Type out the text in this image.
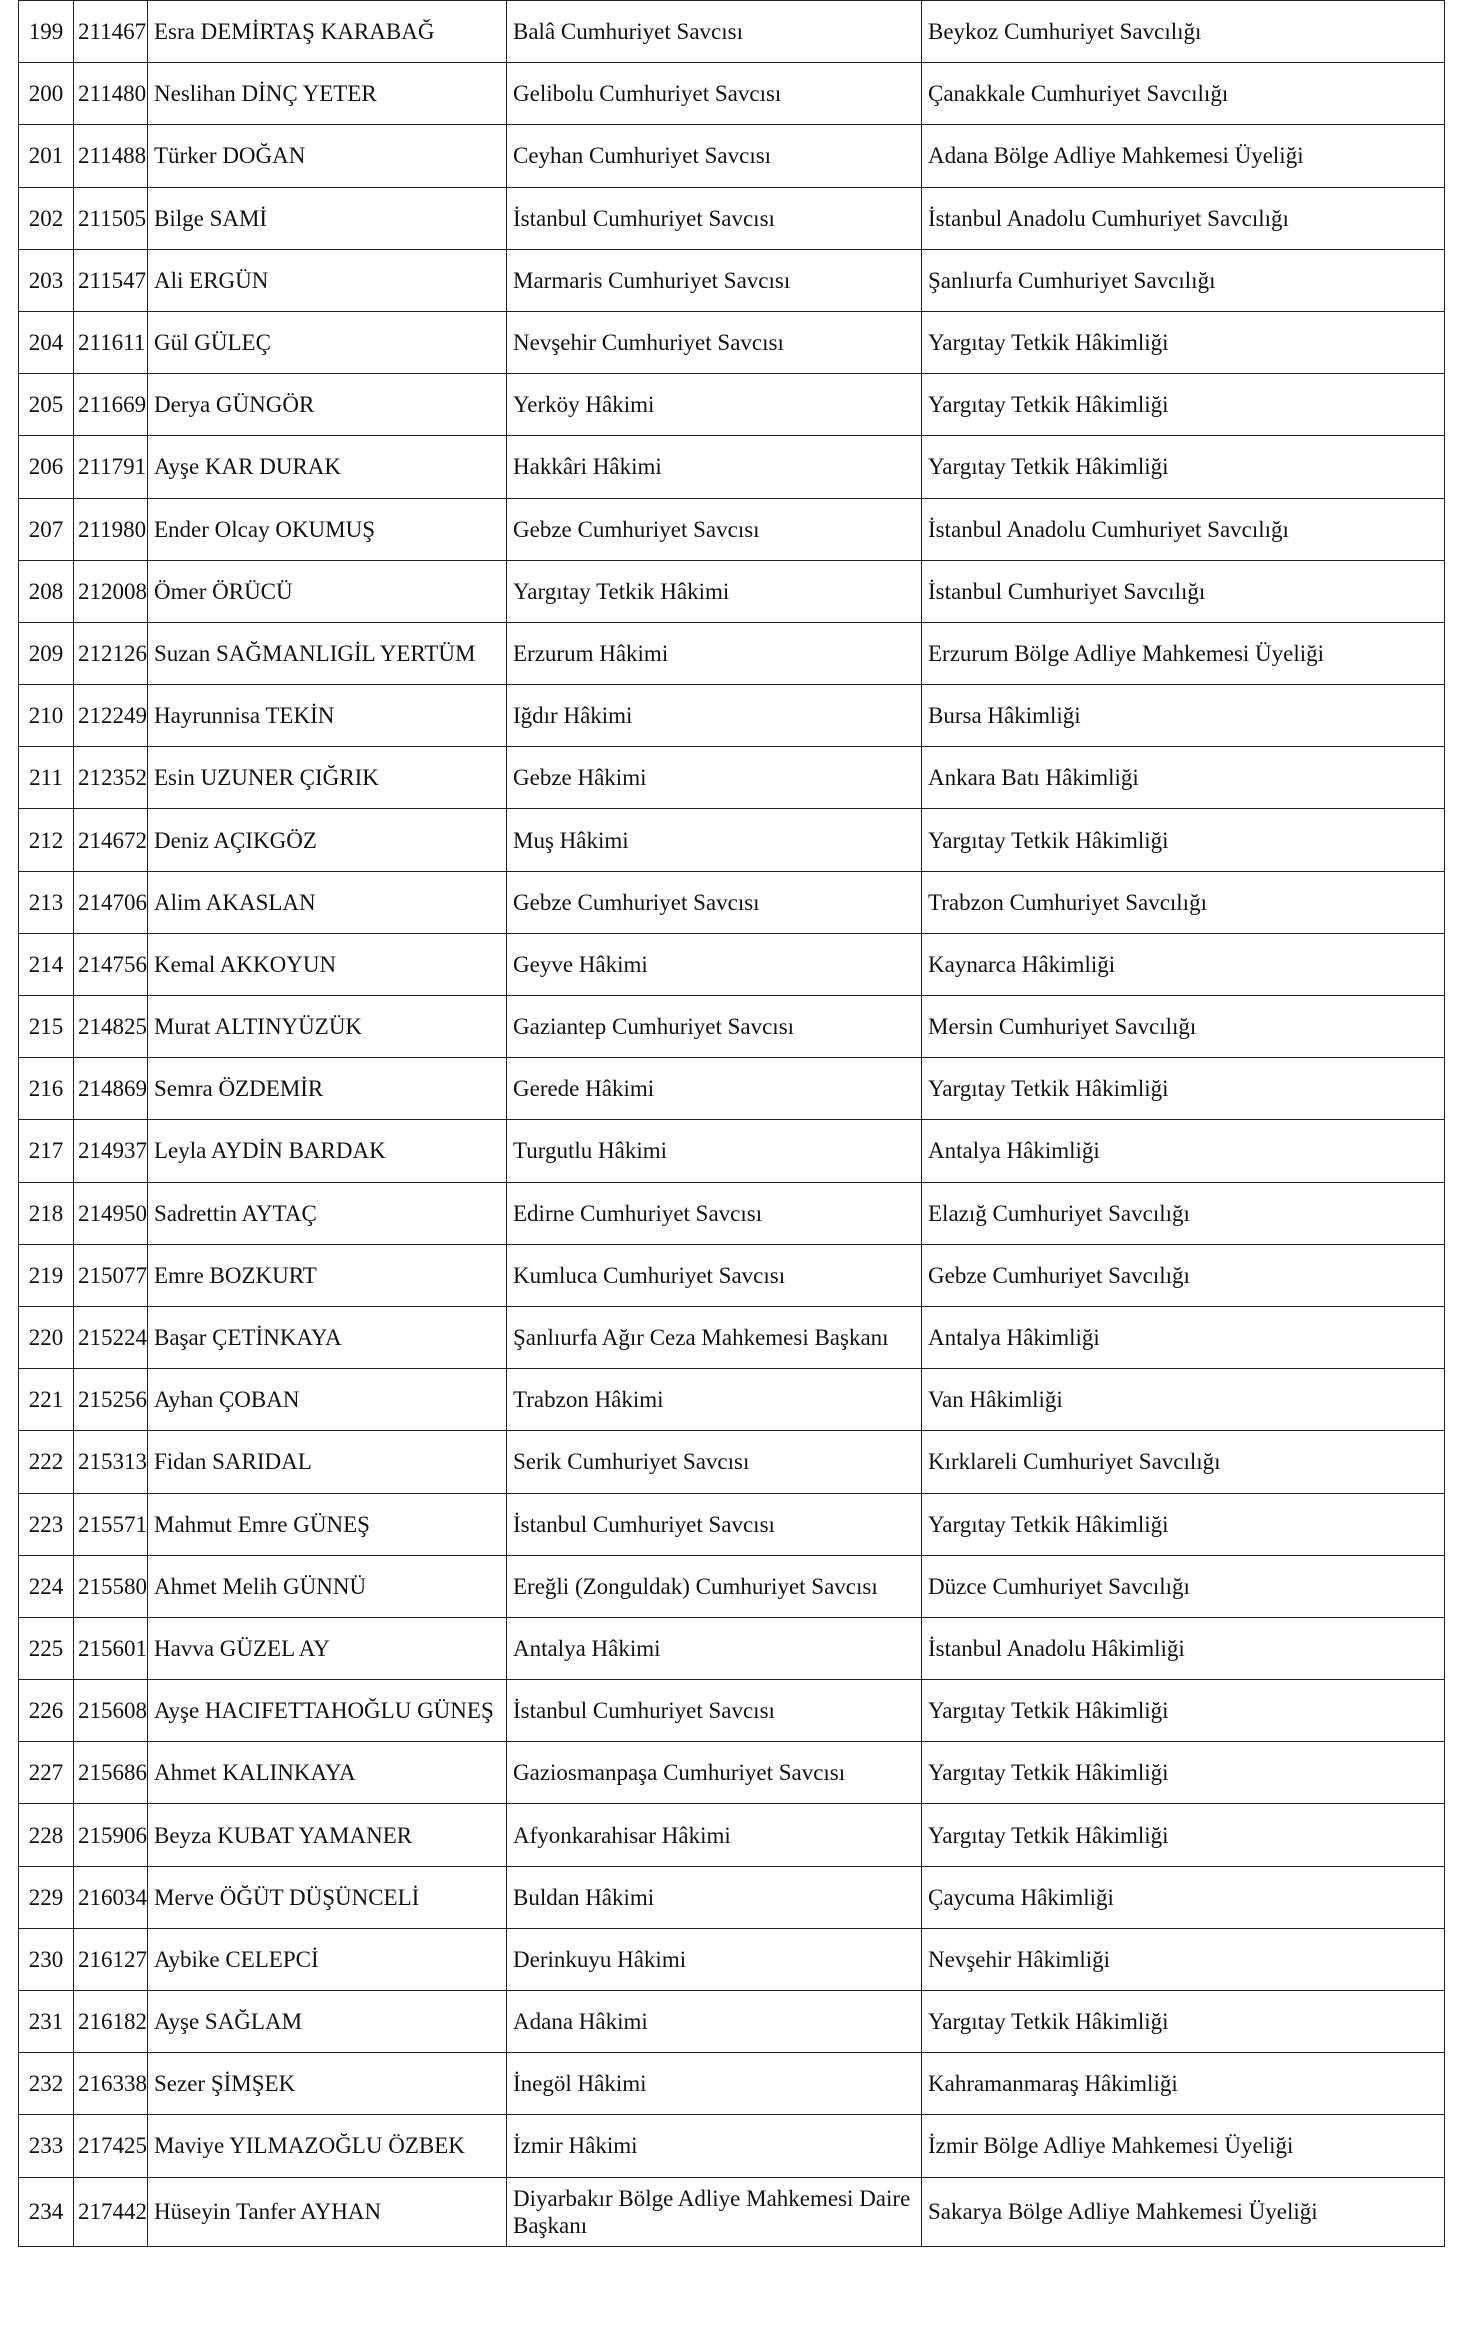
199	211467	Esra DEMİRTAŞ KARABAĞ	Balâ Cumhuriyet Savcısı	Beykoz Cumhuriyet Savcılığı
200	211480	Neslihan DİNÇ YETER	Gelibolu Cumhuriyet Savcısı	Çanakkale Cumhuriyet Savcılığı
201	211488	Türker DOĞAN	Ceyhan Cumhuriyet Savcısı	Adana Bölge Adliye Mahkemesi Üyeliği
202	211505	Bilge SAMİ	İstanbul Cumhuriyet Savcısı	İstanbul Anadolu Cumhuriyet Savcılığı
203	211547	Ali ERGÜN	Marmaris Cumhuriyet Savcısı	Şanlıurfa Cumhuriyet Savcılığı
204	211611	Gül GÜLEÇ	Nevşehir Cumhuriyet Savcısı	Yargıtay Tetkik Hâkimliği
205	211669	Derya GÜNGÖR	Yerköy Hâkimi	Yargıtay Tetkik Hâkimliği
206	211791	Ayşe KAR DURAK	Hakkâri Hâkimi	Yargıtay Tetkik Hâkimliği
207	211980	Ender Olcay OKUMUŞ	Gebze Cumhuriyet Savcısı	İstanbul Anadolu Cumhuriyet Savcılığı
208	212008	Ömer ÖRÜCÜ	Yargıtay Tetkik Hâkimi	İstanbul Cumhuriyet Savcılığı
209	212126	Suzan SAĞMANLIGİL YERTÜM	Erzurum Hâkimi	Erzurum Bölge Adliye Mahkemesi Üyeliği
210	212249	Hayrunnisa TEKİN	Iğdır Hâkimi	Bursa Hâkimliği
211	212352	Esin UZUNER ÇIĞRIK	Gebze Hâkimi	Ankara Batı Hâkimliği
212	214672	Deniz AÇIKGÖZ	Muş Hâkimi	Yargıtay Tetkik Hâkimliği
213	214706	Alim AKASLAN	Gebze Cumhuriyet Savcısı	Trabzon Cumhuriyet Savcılığı
214	214756	Kemal AKKOYUN	Geyve Hâkimi	Kaynarca Hâkimliği
215	214825	Murat ALTINYÜZÜK	Gaziantep Cumhuriyet Savcısı	Mersin Cumhuriyet Savcılığı
216	214869	Semra ÖZDEMİR	Gerede Hâkimi	Yargıtay Tetkik Hâkimliği
217	214937	Leyla AYDİN BARDAK	Turgutlu Hâkimi	Antalya Hâkimliği
218	214950	Sadrettin AYTAÇ	Edirne Cumhuriyet Savcısı	Elazığ Cumhuriyet Savcılığı
219	215077	Emre BOZKURT	Kumluca Cumhuriyet Savcısı	Gebze Cumhuriyet Savcılığı
220	215224	Başar ÇETİNKAYA	Şanlıurfa Ağır Ceza Mahkemesi Başkanı	Antalya Hâkimliği
221	215256	Ayhan ÇOBAN	Trabzon Hâkimi	Van Hâkimliği
222	215313	Fidan SARIDAL	Serik Cumhuriyet Savcısı	Kırklareli Cumhuriyet Savcılığı
223	215571	Mahmut Emre GÜNEŞ	İstanbul Cumhuriyet Savcısı	Yargıtay Tetkik Hâkimliği
224	215580	Ahmet Melih GÜNNÜ	Ereğli (Zonguldak) Cumhuriyet Savcısı	Düzce Cumhuriyet Savcılığı
225	215601	Havva GÜZEL AY	Antalya Hâkimi	İstanbul Anadolu Hâkimliği
226	215608	Ayşe HACIFETTAHOĞLU GÜNEŞ	İstanbul Cumhuriyet Savcısı	Yargıtay Tetkik Hâkimliği
227	215686	Ahmet KALINKAYA	Gaziosmanpaşa Cumhuriyet Savcısı	Yargıtay Tetkik Hâkimliği
228	215906	Beyza KUBAT YAMANER	Afyonkarahisar Hâkimi	Yargıtay Tetkik Hâkimliği
229	216034	Merve ÖĞÜT DÜŞÜNCELİ	Buldan Hâkimi	Çaycuma Hâkimliği
230	216127	Aybike CELEPCİ	Derinkuyu Hâkimi	Nevşehir Hâkimliği
231	216182	Ayşe SAĞLAM	Adana Hâkimi	Yargıtay Tetkik Hâkimliği
232	216338	Sezer ŞİMŞEK	İnegöl Hâkimi	Kahramanmaraş Hâkimliği
233	217425	Maviye YILMAZOĞLU ÖZBEK	İzmir Hâkimi	İzmir Bölge Adliye Mahkemesi Üyeliği
234	217442	Hüseyin Tanfer AYHAN	Diyarbakır Bölge Adliye Mahkemesi Daire Başkanı	Sakarya Bölge Adliye Mahkemesi Üyeliği
